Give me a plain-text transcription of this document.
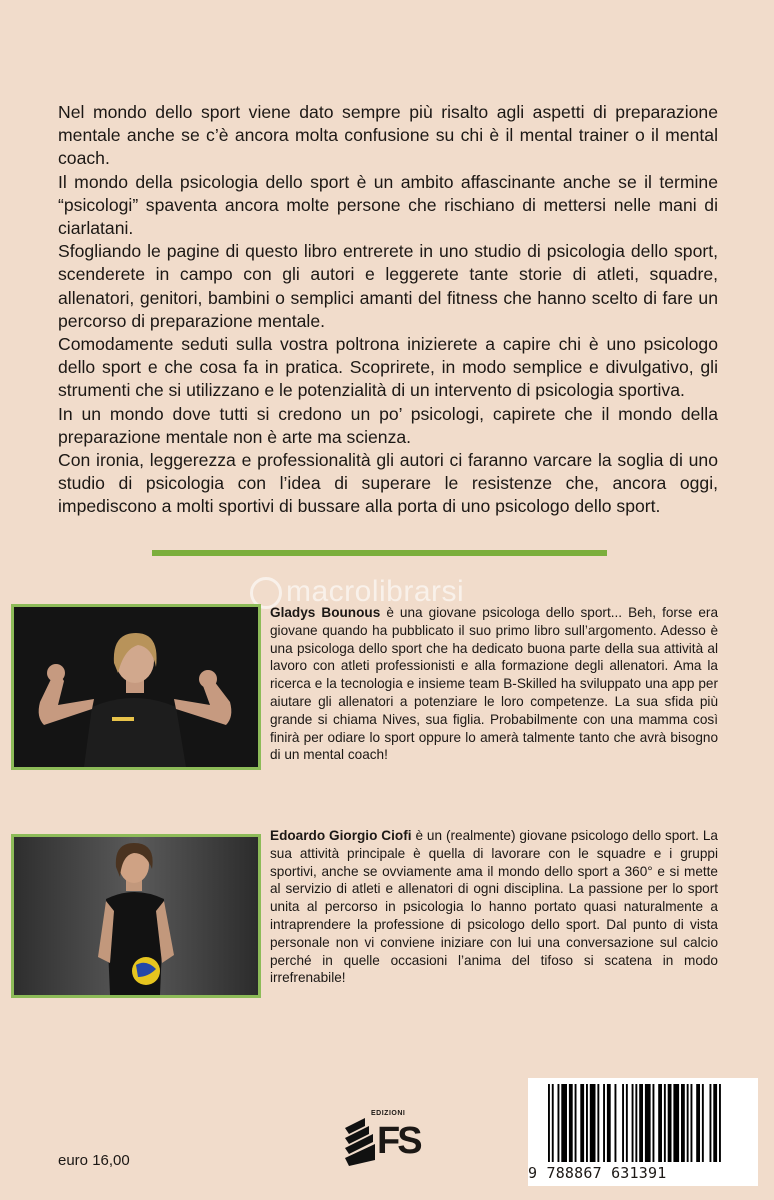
Nel mondo dello sport viene dato sempre più risalto agli aspetti di preparazione mentale anche se c’è ancora molta confusione su chi è il mental trainer o il mental coach.

Il mondo della psicologia dello sport è un ambito affascinante anche se il termine “psicologi” spaventa ancora molte persone che rischiano di mettersi nelle mani di ciarlatani.

Sfogliando le pagine di questo libro entrerete in uno studio di psicologia dello sport, scenderete in campo con gli autori e leggerete tante storie di atleti, squadre, allenatori, genitori, bambini o semplici amanti del fitness che hanno scelto di fare un percorso di preparazione mentale.

Comodamente seduti sulla vostra poltrona inizierete a capire chi è uno psicologo dello sport e che cosa fa in pratica. Scoprirete, in modo semplice e divulgativo, gli strumenti che si utilizzano e le potenzialità di un intervento di psicologia sportiva.

In un mondo dove tutti si credono un po’ psicologi, capirete che il mondo della preparazione mentale non è arte ma scienza.

Con ironia, leggerezza e professionalità gli autori ci faranno varcare la soglia di uno studio di psicologia con l’idea di superare le resistenze che, ancora oggi, impediscono a molti sportivi di bussare alla porta di uno psicologo dello sport.

macrolibrarsi
Gladys Bounous è una giovane psicologa dello sport... Beh, forse era giovane quando ha pubblicato il suo primo libro sull’argomento. Adesso è una psicologa dello sport che ha dedicato buona parte della sua attività al lavoro con atleti professionisti e alla formazione degli allenatori. Ama la ricerca e la tecnologia e insieme team B-Skilled ha sviluppato una app per aiutare gli allenatori a potenziare le loro competenze. La sua sfida più grande si chiama Nives, sua figlia. Probabilmente con una mamma così finirà per odiare lo sport oppure lo amerà talmente tanto che avrà bisogno di un mental coach!
Edoardo Giorgio Ciofi è un (realmente) giovane psicologo dello sport. La sua attività principale è quella di lavorare con le squadre e i gruppi sportivi, anche se ovviamente ama il mondo dello sport a 360° e si mette al servizio di atleti e allenatori di ogni disciplina. La passione per lo sport unita al percorso in psicologia lo hanno portato quasi naturalmente a intraprendere la professione di psicologo dello sport. Dal punto di vista personale non vi conviene iniziare con lui una conversazione sul calcio perché in quelle occasioni l’anima del tifoso si scatena in modo irrefrenabile!
euro 16,00
EDIZIONI
FS
9 788867 631391
